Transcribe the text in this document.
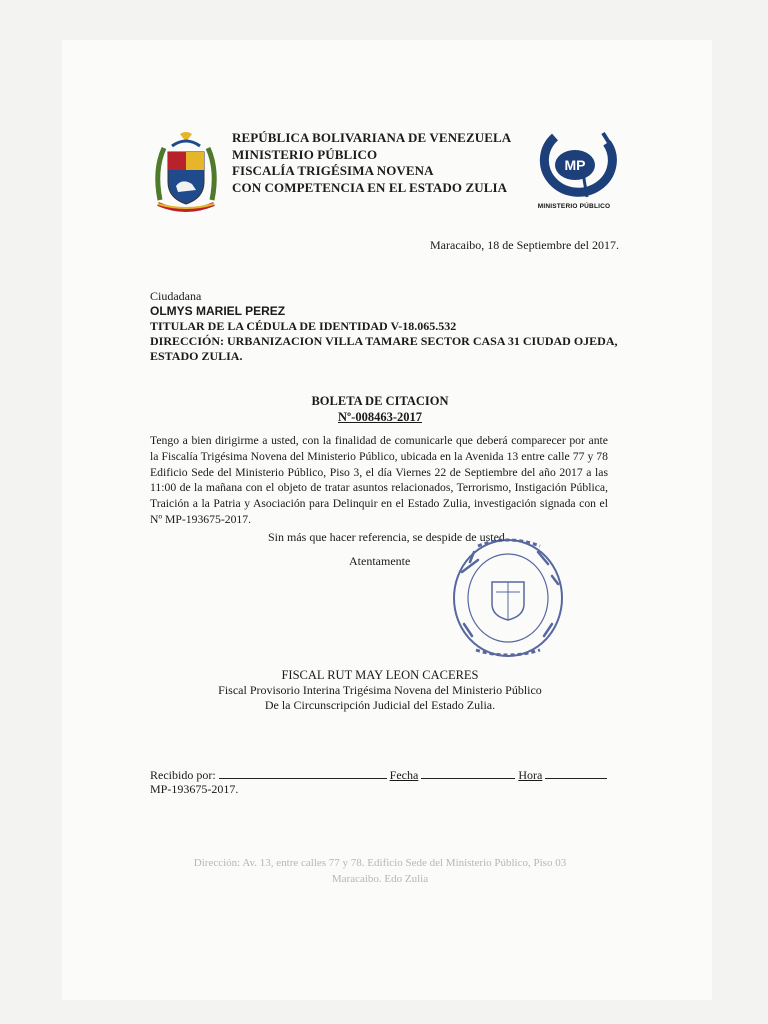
REPÚBLICA BOLIVARIANA DE VENEZUELA
MINISTERIO PÚBLICO
FISCALÍA TRIGÉSIMA NOVENA
CON COMPETENCIA EN EL ESTADO ZULIA
MP
MINISTERIO PÚBLICO
Maracaibo, 18 de Septiembre del 2017.
Ciudadana
OLMYS MARIEL PEREZ
TITULAR DE LA CÉDULA DE IDENTIDAD V-18.065.532
DIRECCIÓN: URBANIZACION VILLA TAMARE SECTOR CASA 31 CIUDAD OJEDA,
ESTADO ZULIA.
BOLETA DE CITACION
Nº-008463-2017
Tengo a bien dirigirme a usted, con la finalidad de comunicarle que deberá comparecer por ante la Fiscalía Trigésima Novena del Ministerio Público, ubicada en la Avenida 13 entre calle 77 y 78 Edificio Sede del Ministerio Público, Piso 3, el día Viernes 22 de Septiembre del año 2017 a las 11:00 de la mañana con el objeto de tratar asuntos relacionados, Terrorismo, Instigación Pública, Traición a la Patria y Asociación para Delinquir en el Estado Zulia, investigación signada con el Nº MP-193675-2017.
Sin más que hacer referencia, se despide de usted
Atentamente
FISCAL RUT MAY LEON CACERES
Fiscal Provisorio Interina Trigésima Novena del Ministerio Público
De la Circunscripción Judicial del Estado Zulia.
Recibido por:	Fecha	Hora
MP-193675-2017.
Dirección: Av. 13, entre calles 77 y 78. Edificio Sede del Ministerio Público, Piso 03
Maracaibo. Edo Zulia
